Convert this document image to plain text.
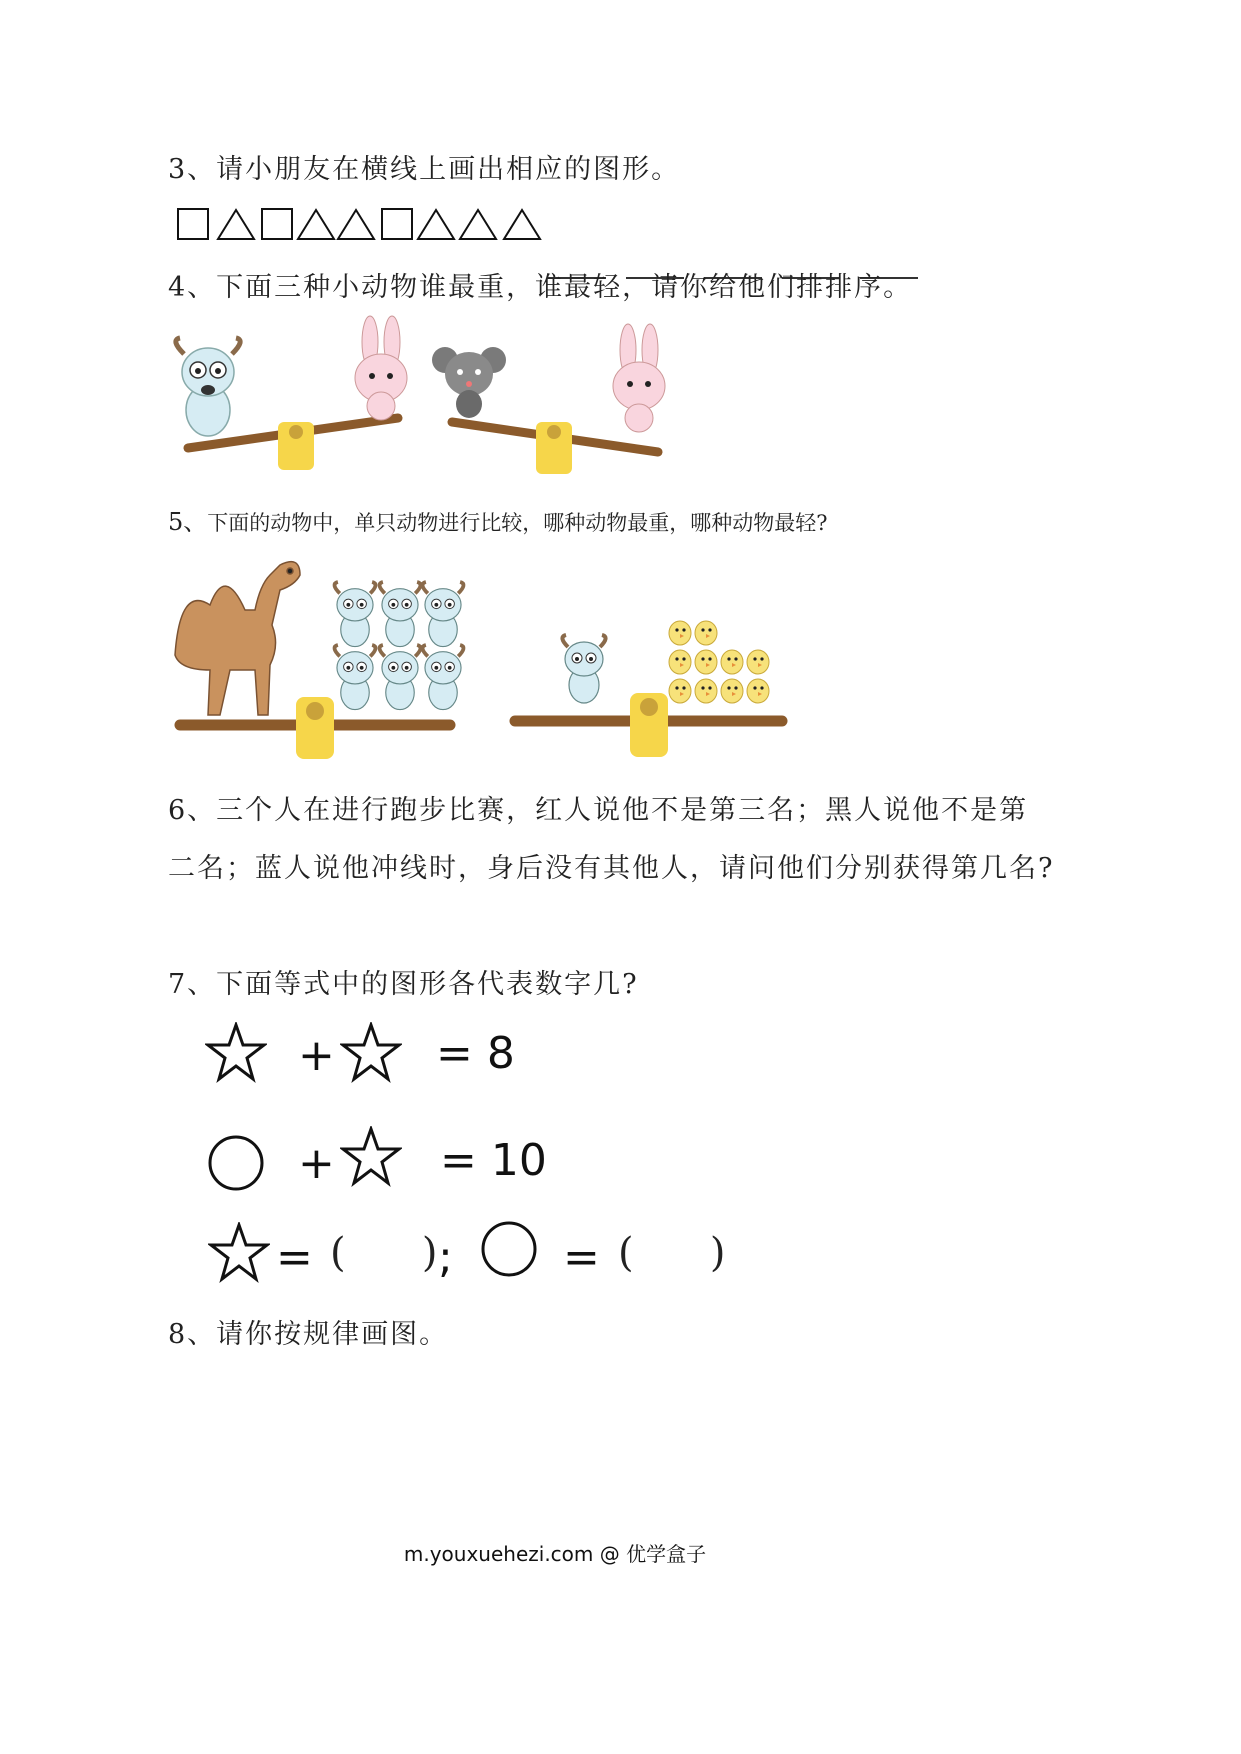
3、请小朋友在横线上画出相应的图形。
4、下面三种小动物谁最重，谁最轻，请你给他们排排序。
5、下面的动物中，单只动物进行比较，哪种动物最重，哪种动物最轻?
6、三个人在进行跑步比赛，红人说他不是第三名；黑人说他不是第
二名；蓝人说他冲线时，身后没有其他人，请问他们分别获得第几名?
7、下面等式中的图形各代表数字几?
+ = 8
+ = 10
= (      ) ;	= (      )
8、请你按规律画图。
m.youxuehezi.com @ 优学盒子
